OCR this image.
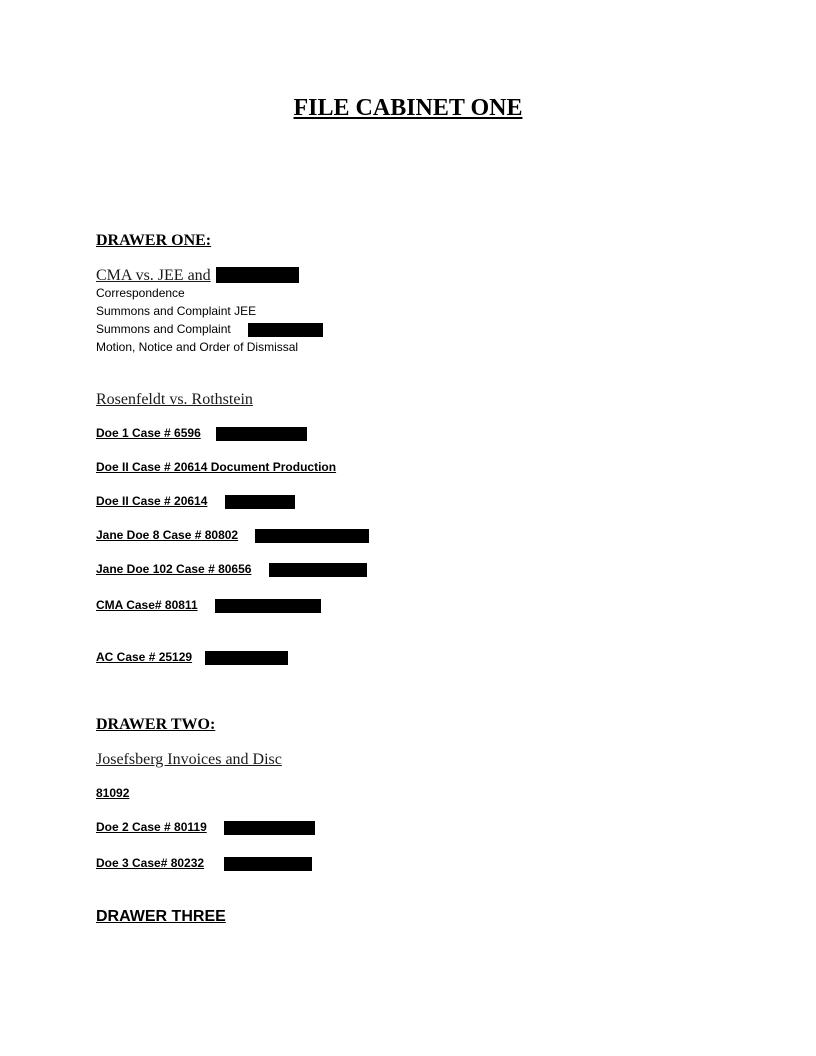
FILE CABINET ONE
DRAWER ONE:
CMA vs. JEE and
Correspondence
Summons and Complaint JEE
Summons and Complaint
Motion, Notice and Order of Dismissal
Rosenfeldt vs. Rothstein
Doe 1 Case # 6596
Doe II Case # 20614 Document Production
Doe II Case # 20614
Jane Doe 8 Case # 80802
Jane Doe 102 Case # 80656
CMA Case# 80811
AC Case # 25129
DRAWER TWO:
Josefsberg Invoices and Disc
81092
Doe 2 Case # 80119
Doe 3 Case# 80232
DRAWER THREE
